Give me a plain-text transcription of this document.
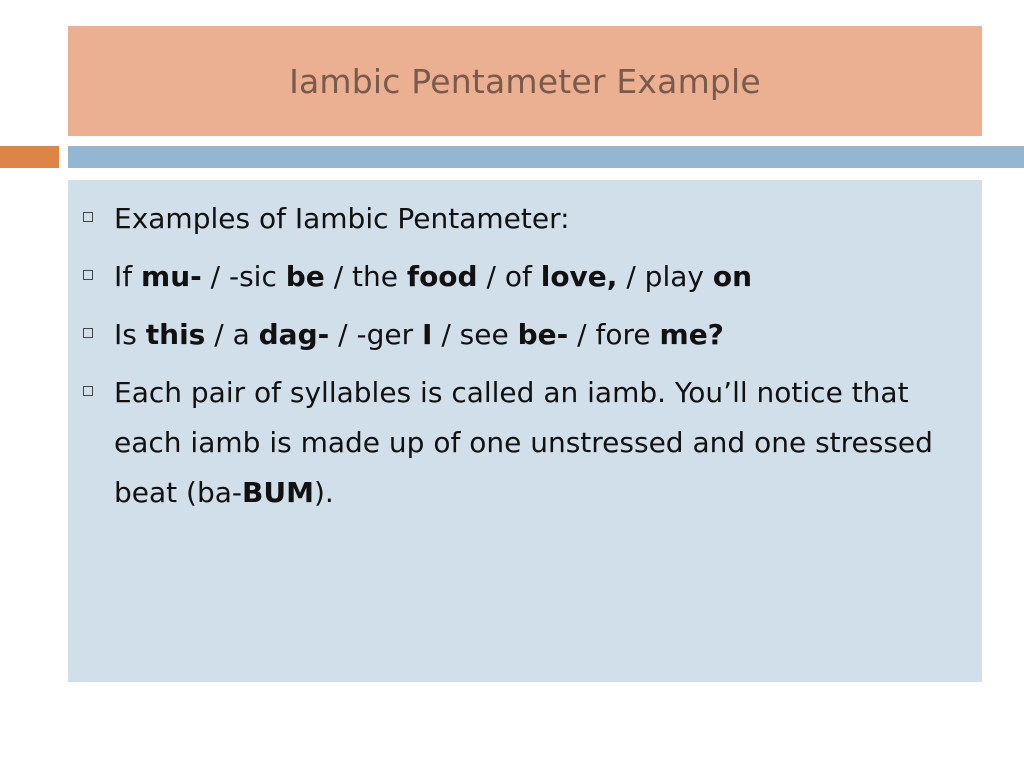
Iambic Pentameter Example
Examples of Iambic Pentameter:
If mu- / -sic be / the food / of love, / play on
Is this / a dag- / -ger I / see be- / fore me?
Each pair of syllables is called an iamb. You’ll notice that each iamb is made up of one unstressed and one stressed beat (ba-BUM).
